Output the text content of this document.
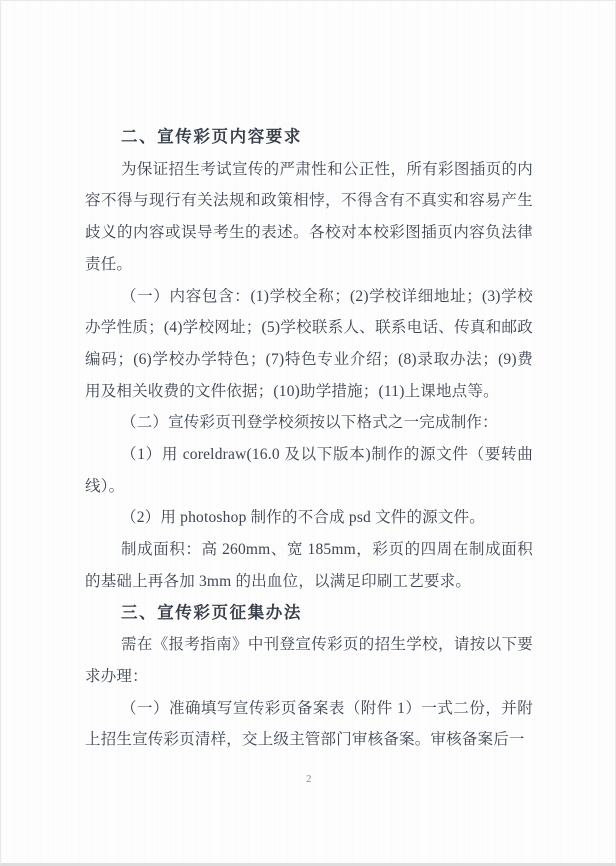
二、宣传彩页内容要求

为保证招生考试宣传的严肃性和公正性，所有彩图插页的内容不得与现行有关法规和政策相悖，不得含有不真实和容易产生歧义的内容或误导考生的表述。各校对本校彩图插页内容负法律责任。

（一）内容包含：(1)学校全称；(2)学校详细地址；(3)学校办学性质；(4)学校网址；(5)学校联系人、联系电话、传真和邮政编码；(6)学校办学特色；(7)特色专业介绍；(8)录取办法；(9)费用及相关收费的文件依据；(10)助学措施；(11)上课地点等。

（二）宣传彩页刊登学校须按以下格式之一完成制作：

（1）用 coreldraw(16.0 及以下版本)制作的源文件（要转曲线）。

（2）用 photoshop 制作的不合成 psd 文件的源文件。

制成面积：高 260mm、宽 185mm，彩页的四周在制成面积的基础上再各加 3mm 的出血位，以满足印刷工艺要求。

三、宣传彩页征集办法

需在《报考指南》中刊登宣传彩页的招生学校，请按以下要求办理：

（一）准确填写宣传彩页备案表（附件 1）一式二份，并附上招生宣传彩页清样，交上级主管部门审核备案。审核备案后一

2
